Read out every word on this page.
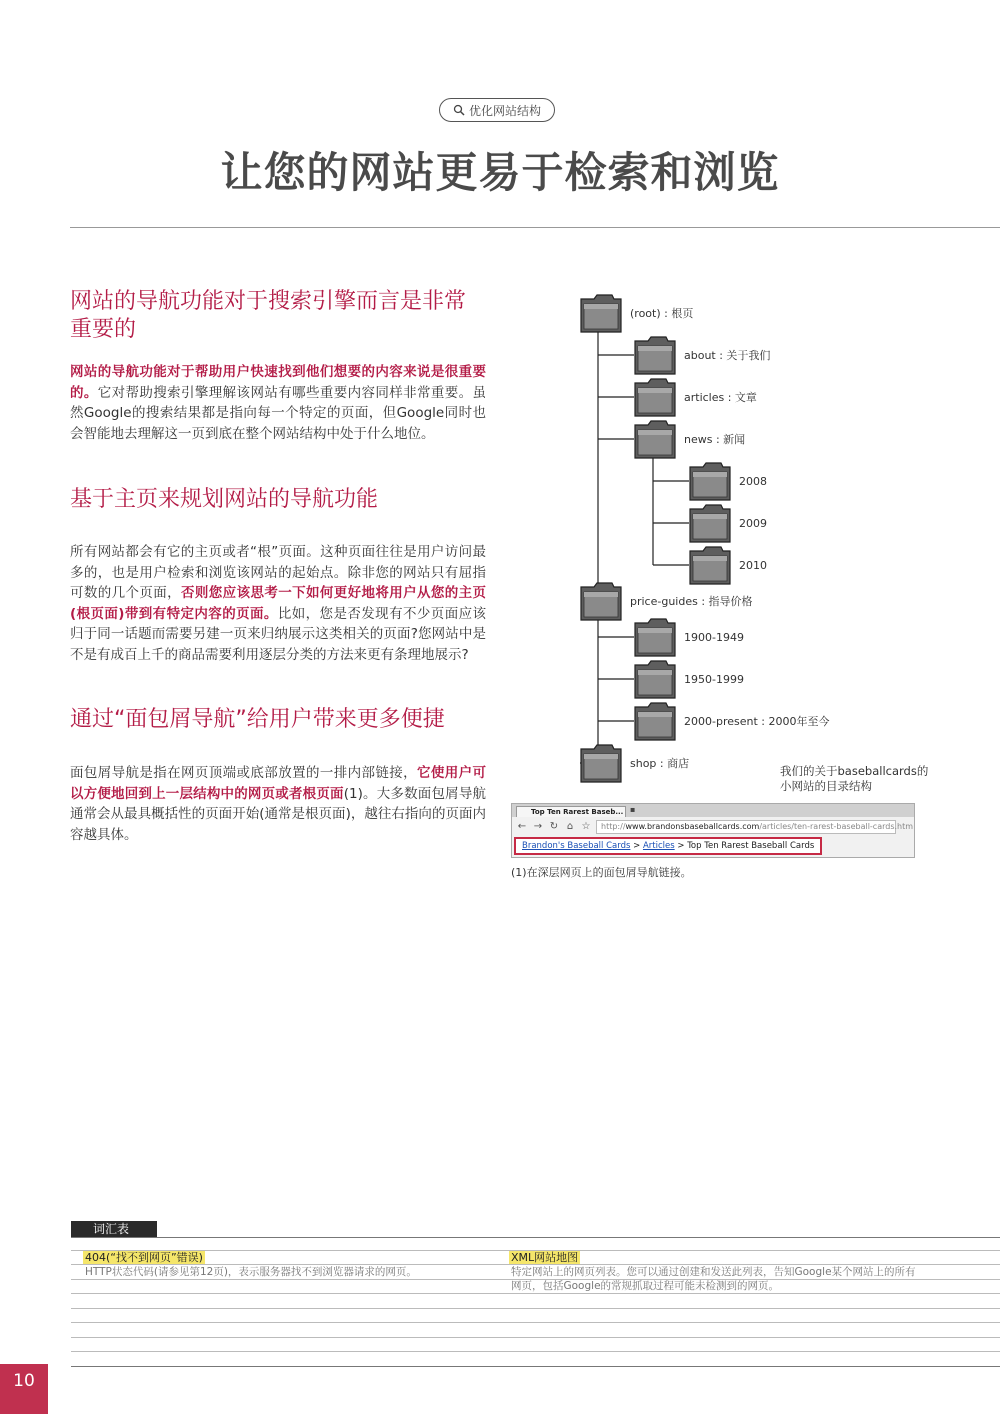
优化网站结构
让您的网站更易于检索和浏览
网站的导航功能对于搜索引擎而言是非常重要的

网站的导航功能对于帮助用户快速找到他们想要的内容来说是很重要的。它对帮助搜索引擎理解该网站有哪些重要内容同样非常重要。虽然Google的搜索结果都是指向每一个特定的页面，但Google同时也会智能地去理解这一页到底在整个网站结构中处于什么地位。

基于主页来规划网站的导航功能

所有网站都会有它的主页或者“根”页面。这种页面往往是用户访问最多的，也是用户检索和浏览该网站的起始点。除非您的网站只有屈指可数的几个页面，否则您应该思考一下如何更好地将用户从您的主页(根页面)带到有特定内容的页面。比如，您是否发现有不少页面应该归于同一话题而需要另建一页来归纳展示这类相关的页面?您网站中是不是有成百上千的商品需要利用逐层分类的方法来更有条理地展示?

通过“面包屑导航”给用户带来更多便捷

面包屑导航是指在网页顶端或底部放置的一排内部链接，它使用户可以方便地回到上一层结构中的网页或者根页面(1)。大多数面包屑导航通常会从最具概括性的页面开始(通常是根页面)，越往右指向的页面内容越具体。

(root) : 根页
about : 关于我们
articles : 文章
news : 新闻
2008
2009
2010
price-guides : 指导价格
1900-1949
1950-1999
2000-present : 2000年至今
shop : 商店
我们的关于baseballcards的小网站的目录结构
Top Ten Rarest Baseb... ▪
← → ↻ ⌂ ☆	http://www.brandonsbaseballcards.com/articles/ten-rarest-baseball-cards.htm
Brandon's Baseball Cards > Articles > Top Ten Rarest Baseball Cards
(1)在深层网页上的面包屑导航链接。
词汇表
404(“找不到网页”错误)
HTTP状态代码(请参见第12页)，表示服务器找不到浏览器请求的网页。
XML网站地图
特定网站上的网页列表。您可以通过创建和发送此列表，告知Google某个网站上的所有网页，包括Google的常规抓取过程可能未检测到的网页。
10
